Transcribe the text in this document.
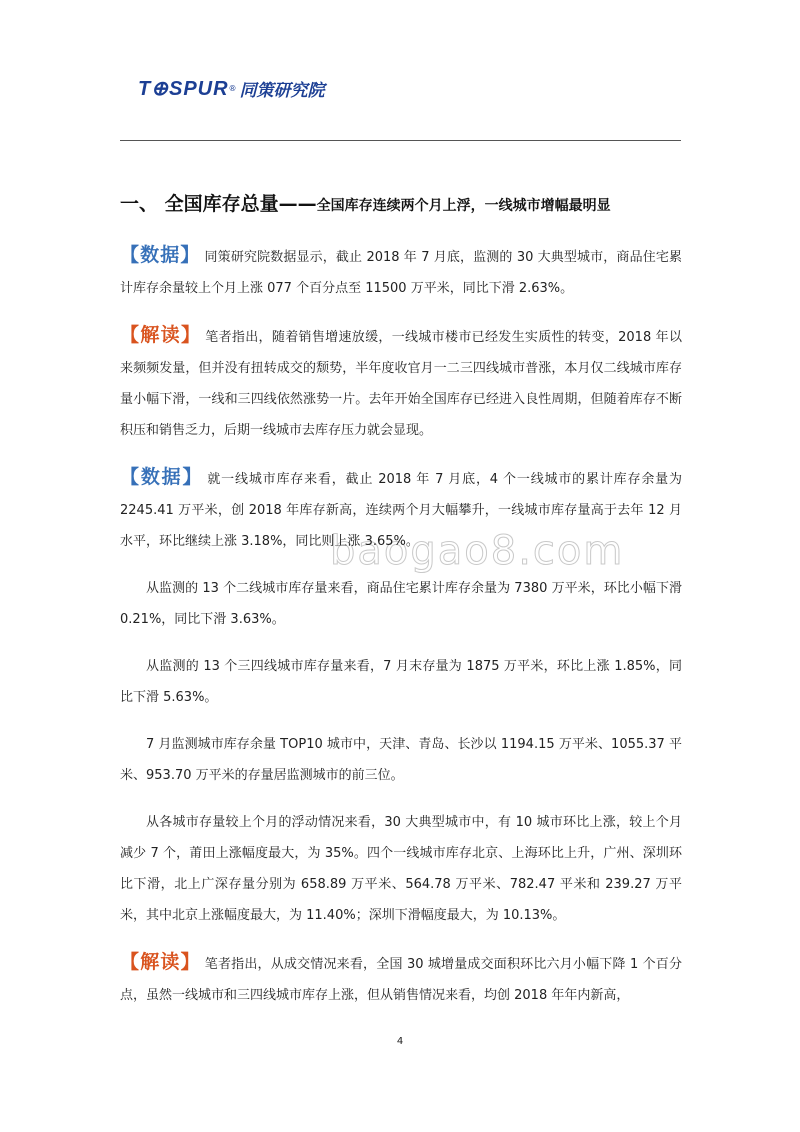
T⊕SPUR ® 同策研究院
baogao8.com
一、 全国库存总量——全国库存连续两个月上浮，一线城市增幅最明显

【数据】 同策研究院数据显示，截止 2018 年 7 月底，监测的 30 大典型城市，商品住宅累计库存余量较上个月上涨 077 个百分点至 11500 万平米，同比下滑 2.63%。

【解读】 笔者指出，随着销售增速放缓，一线城市楼市已经发生实质性的转变，2018 年以来频频发量，但并没有扭转成交的颓势，半年度收官月一二三四线城市普涨，本月仅二线城市库存量小幅下滑，一线和三四线依然涨势一片。去年开始全国库存已经进入良性周期，但随着库存不断积压和销售乏力，后期一线城市去库存压力就会显现。

【数据】 就一线城市库存来看，截止 2018 年 7 月底，4 个一线城市的累计库存余量为 2245.41 万平米，创 2018 年库存新高，连续两个月大幅攀升，一线城市库存量高于去年 12 月水平，环比继续上涨 3.18%，同比则上涨 3.65%。

从监测的 13 个二线城市库存量来看，商品住宅累计库存余量为 7380 万平米，环比小幅下滑 0.21%，同比下滑 3.63%。

从监测的 13 个三四线城市库存量来看，7 月末存量为 1875 万平米，环比上涨 1.85%，同比下滑 5.63%。

7 月监测城市库存余量 TOP10 城市中，天津、青岛、长沙以 1194.15 万平米、1055.37 平米、953.70 万平米的存量居监测城市的前三位。

从各城市存量较上个月的浮动情况来看，30 大典型城市中，有 10 城市环比上涨，较上个月减少 7 个，莆田上涨幅度最大，为 35%。四个一线城市库存北京、上海环比上升，广州、深圳环比下滑，北上广深存量分别为 658.89 万平米、564.78 万平米、782.47 平米和 239.27 万平米，其中北京上涨幅度最大，为 11.40%；深圳下滑幅度最大，为 10.13%。

【解读】 笔者指出，从成交情况来看，全国 30 城增量成交面积环比六月小幅下降 1 个百分点，虽然一线城市和三四线城市库存上涨，但从销售情况来看，均创 2018 年年内新高，

4
